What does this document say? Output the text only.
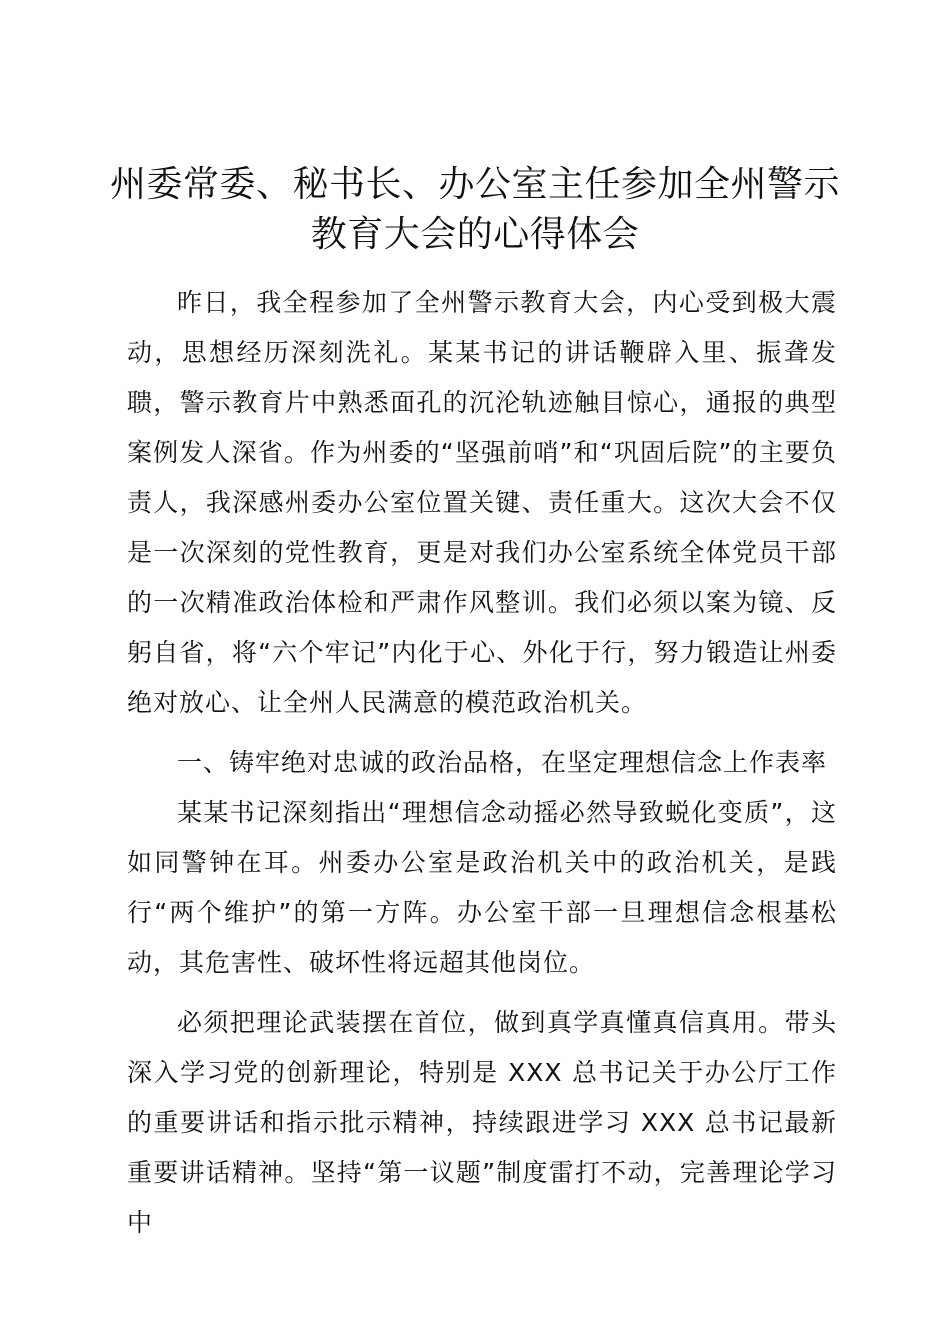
州委常委、秘书长、办公室主任参加全州警示
教育大会的心得体会

昨日，我全程参加了全州警示教育大会，内心受到极大震动，思想经历深刻洗礼。某某书记的讲话鞭辟入里、振聋发聩，警示教育片中熟悉面孔的沉沦轨迹触目惊心，通报的典型案例发人深省。作为州委的“坚强前哨”和“巩固后院”的主要负责人，我深感州委办公室位置关键、责任重大。这次大会不仅是一次深刻的党性教育，更是对我们办公室系统全体党员干部的一次精准政治体检和严肃作风整训。我们必须以案为镜、反躬自省，将“六个牢记”内化于心、外化于行，努力锻造让州委绝对放心、让全州人民满意的模范政治机关。

一、铸牢绝对忠诚的政治品格，在坚定理想信念上作表率

某某书记深刻指出“理想信念动摇必然导致蜕化变质”，这如同警钟在耳。州委办公室是政治机关中的政治机关，是践行“两个维护”的第一方阵。办公室干部一旦理想信念根基松动，其危害性、破坏性将远超其他岗位。

必须把理论武装摆在首位，做到真学真懂真信真用。带头深入学习党的创新理论，特别是 XXX 总书记关于办公厅工作的重要讲话和指示批示精神，持续跟进学习 XXX 总书记最新重要讲话精神。坚持“第一议题”制度雷打不动，完善理论学习中
